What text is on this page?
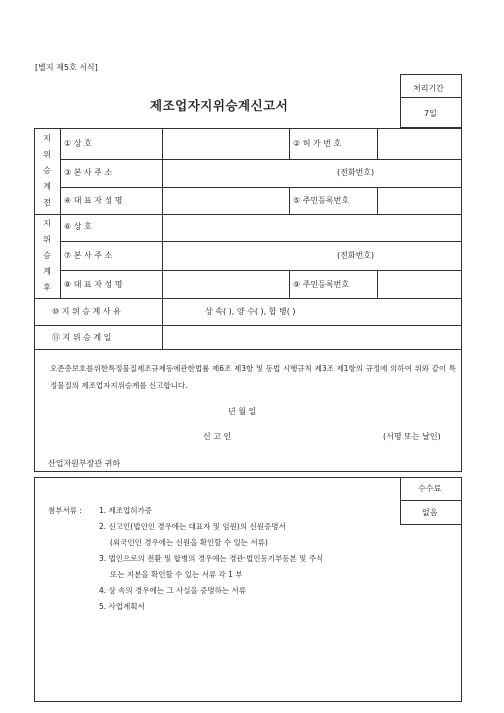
[별지 제5호 서식]
제조업자지위승계신고서
처리기간
7일
지
위
승
계
전
지
위
승
계
후
① 상 호	② 허 가 번 호
③ 본 사 주 소	(전화번호)
④ 대 표 자 성 명	⑤ 주민등록번호
⑥ 상 호
⑦ 본 사 주 소	(전화번호)
⑧ 대 표 자 성 명	⑨ 주민등록번호
⑩ 지 위 승 계 사 유	상 속( ), 양 수( ), 합 병( )
⑪ 지 위 승 계 일
오존층보호를위한특정물질제조규제등에관한법률 제6조 제3항 및 동법 시행규칙 제3조 제1항의 규정에 의하여 위와 같이 특정물질의 제조업자지위승계를 신고합니다.
년 월 일
신 고 인	(서명 또는 날인)
산업자원부장관 귀하
수수료
없음
첨부서류 : 1. 제조업허가증
2. 신고인(법인인 경우에는 대표자 및 임원)의 신원증명서
(외국인인 경우에는 신원을 확인할 수 있는 서류)
3. 법인으로의 전환 및 합병의 경우에는 경관·법인등기부등본 및 주식
또는 지분을 확인할 수 있는 서류 각 1 부
4. 상 속의 경우에는 그 사실을 증명하는 서류
5. 사업계획서
